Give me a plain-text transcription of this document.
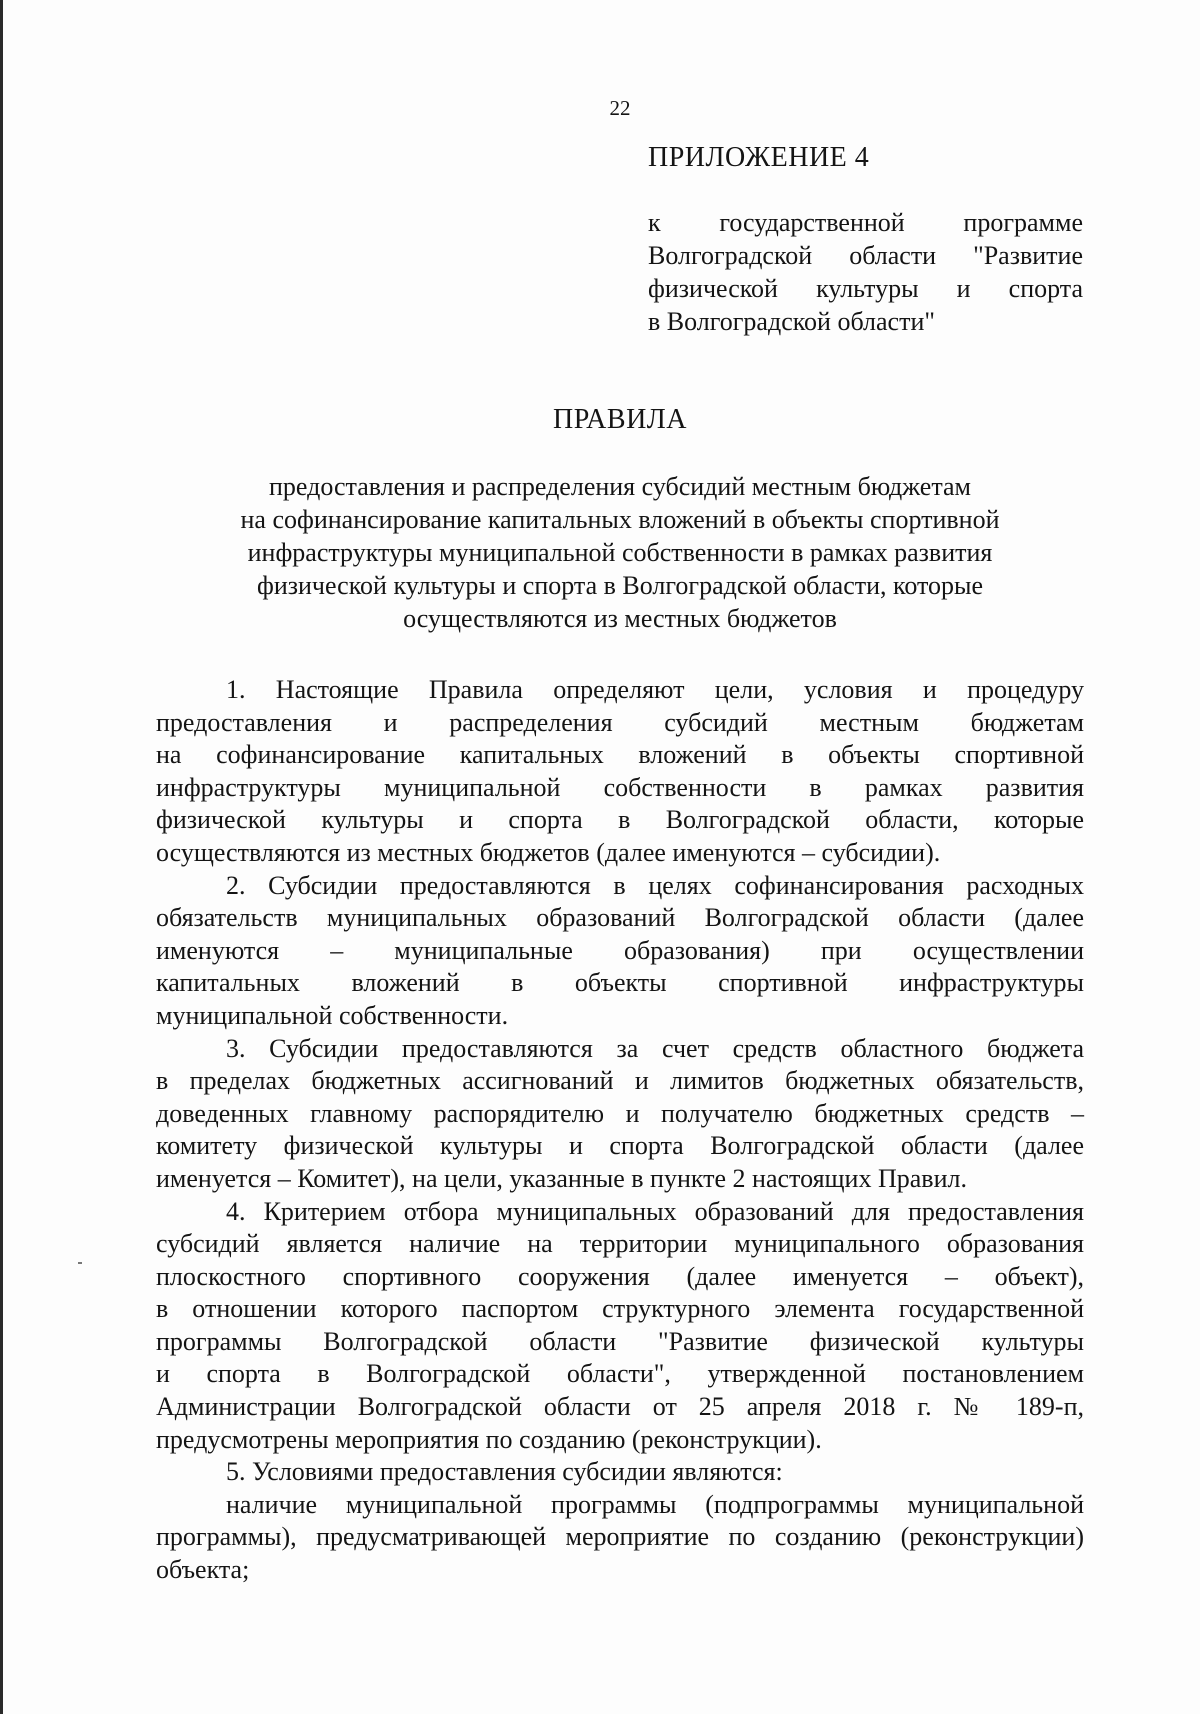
22
ПРИЛОЖЕНИЕ 4
к государственной программе
Волгоградской области "Развитие
физической культуры и спорта
в Волгоградской области"
ПРАВИЛА
предоставления и распределения субсидий местным бюджетам
на софинансирование капитальных вложений в объекты спортивной
инфраструктуры муниципальной собственности в рамках развития
физической культуры и спорта в Волгоградской области, которые
осуществляются из местных бюджетов

1. Настоящие Правила определяют цели, условия и процедуру
предоставления и распределения субсидий местным бюджетам
на софинансирование капитальных вложений в объекты спортивной
инфраструктуры муниципальной собственности в рамках развития
физической культуры и спорта в Волгоградской области, которые
осуществляются из местных бюджетов (далее именуются – субсидии).

2. Субсидии предоставляются в целях софинансирования расходных
обязательств муниципальных образований Волгоградской области (далее
именуются – муниципальные образования) при осуществлении
капитальных вложений в объекты спортивной инфраструктуры
муниципальной собственности.

3. Субсидии предоставляются за счет средств областного бюджета
в пределах бюджетных ассигнований и лимитов бюджетных обязательств,
доведенных главному распорядителю и получателю бюджетных средств –
комитету физической культуры и спорта Волгоградской области (далее
именуется – Комитет), на цели, указанные в пункте 2 настоящих Правил.

4. Критерием отбора муниципальных образований для предоставления
субсидий является наличие на территории муниципального образования
плоскостного спортивного сооружения (далее именуется – объект),
в отношении которого паспортом структурного элемента государственной
программы Волгоградской области "Развитие физической культуры
и спорта в Волгоградской области", утвержденной постановлением
Администрации Волгоградской области от 25 апреля 2018 г. № 189-п,
предусмотрены мероприятия по созданию (реконструкции).

5. Условиями предоставления субсидии являются:

наличие муниципальной программы (подпрограммы муниципальной
программы), предусматривающей мероприятие по созданию (реконструкции)
объекта;
